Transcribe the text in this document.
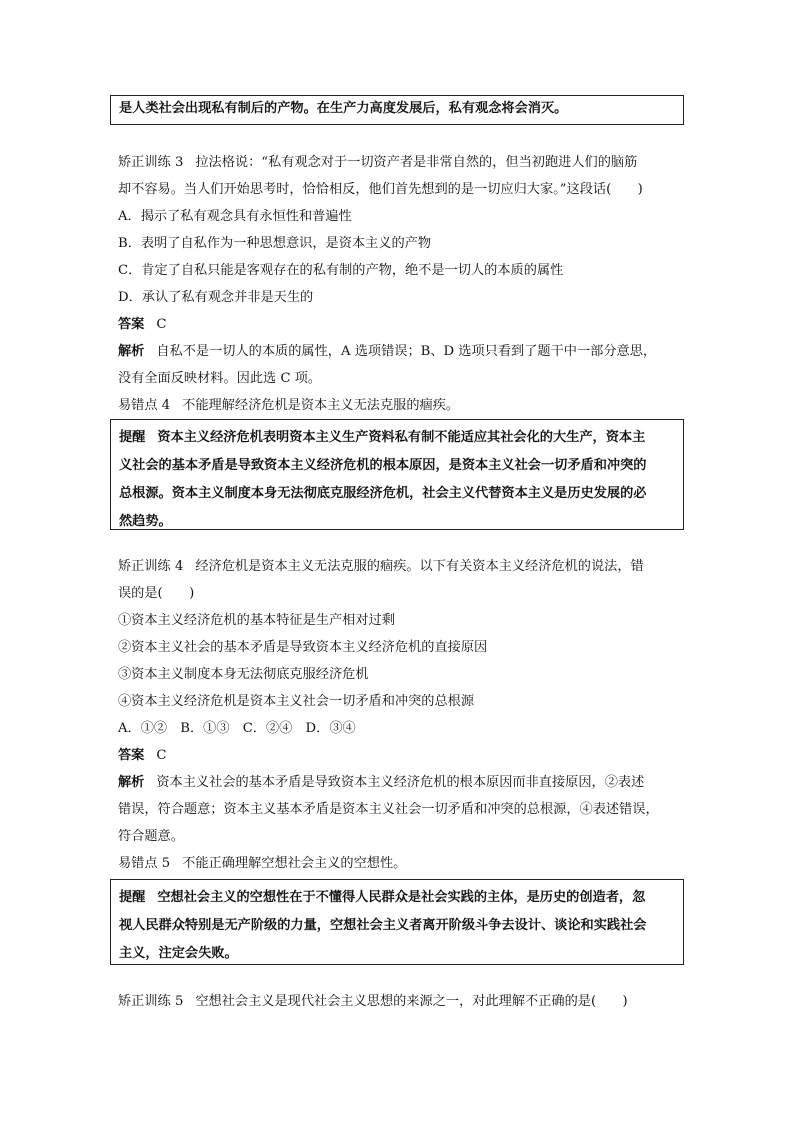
是人类社会出现私有制后的产物。在生产力高度发展后，私有观念将会消灭。
矫正训练 3 拉法格说：“私有观念对于一切资产者是非常自然的，但当初跑进人们的脑筋
却不容易。当人们开始思考时，恰恰相反，他们首先想到的是一切应归大家。”这段话(　　)
A．揭示了私有观念具有永恒性和普遍性
B．表明了自私作为一种思想意识，是资本主义的产物
C．肯定了自私只能是客观存在的私有制的产物，绝不是一切人的本质的属性
D．承认了私有观念并非是天生的
答案 C
解析 自私不是一切人的本质的属性，A 选项错误；B、D 选项只看到了题干中一部分意思，
没有全面反映材料。因此选 C 项。
易错点 4 不能理解经济危机是资本主义无法克服的痼疾。
提醒 资本主义经济危机表明资本主义生产资料私有制不能适应其社会化的大生产，资本主
义社会的基本矛盾是导致资本主义经济危机的根本原因，是资本主义社会一切矛盾和冲突的
总根源。资本主义制度本身无法彻底克服经济危机，社会主义代替资本主义是历史发展的必
然趋势。
矫正训练 4 经济危机是资本主义无法克服的痼疾。以下有关资本主义经济危机的说法，错
误的是(　　)
①资本主义经济危机的基本特征是生产相对过剩
②资本主义社会的基本矛盾是导致资本主义经济危机的直接原因
③资本主义制度本身无法彻底克服经济危机
④资本主义经济危机是资本主义社会一切矛盾和冲突的总根源
A．①②　B．①③　C．②④　D．③④
答案 C
解析 资本主义社会的基本矛盾是导致资本主义经济危机的根本原因而非直接原因，②表述
错误，符合题意；资本主义基本矛盾是资本主义社会一切矛盾和冲突的总根源，④表述错误，
符合题意。
易错点 5 不能正确理解空想社会主义的空想性。
提醒 空想社会主义的空想性在于不懂得人民群众是社会实践的主体，是历史的创造者，忽
视人民群众特别是无产阶级的力量，空想社会主义者离开阶级斗争去设计、谈论和实践社会
主义，注定会失败。
矫正训练 5 空想社会主义是现代社会主义思想的来源之一，对此理解不正确的是(　　)
